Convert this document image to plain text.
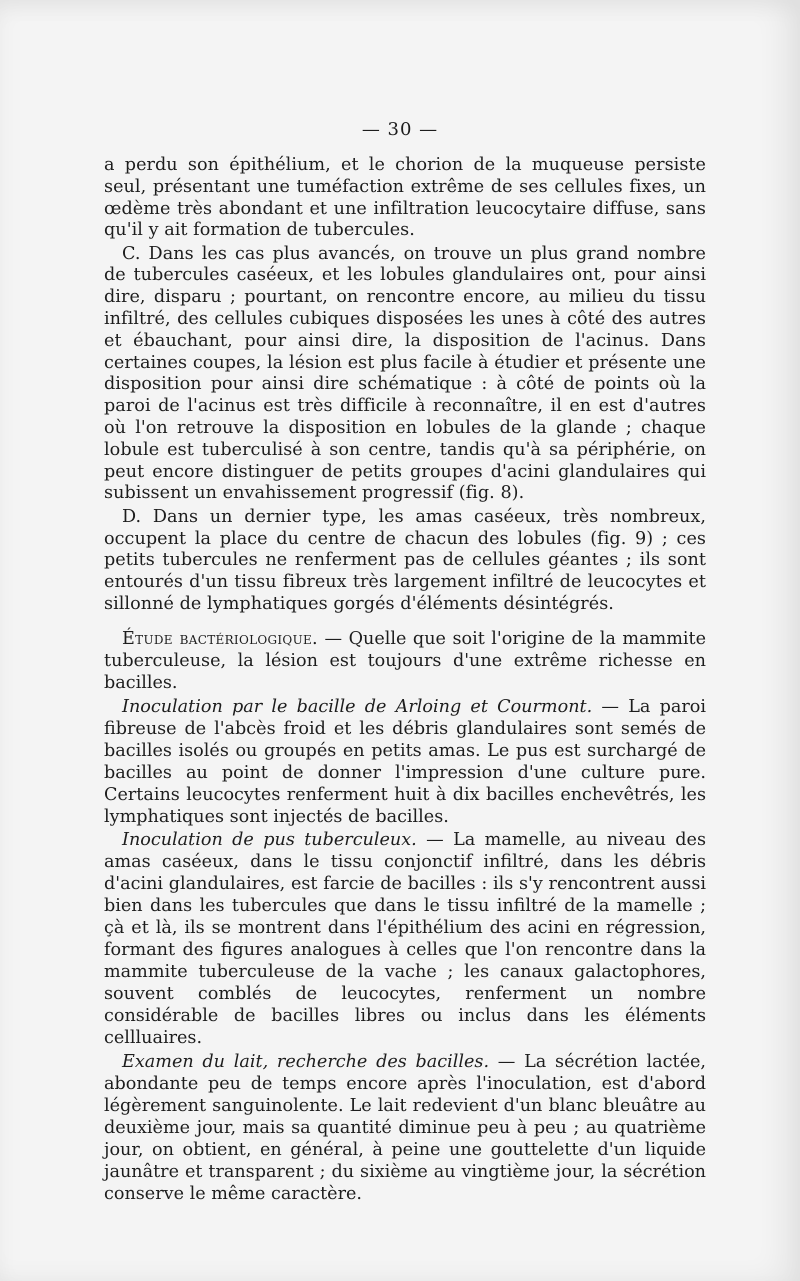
— 30 —

a perdu son épithélium, et le chorion de la muqueuse persiste seul, présentant une tuméfaction extrême de ses cellules fixes, un œdème très abondant et une infiltration leucocytaire diffuse, sans qu'il y ait formation de tubercules.

C. Dans les cas plus avancés, on trouve un plus grand nombre de tubercules caséeux, et les lobules glandulaires ont, pour ainsi dire, disparu ; pourtant, on rencontre encore, au milieu du tissu infiltré, des cellules cubiques disposées les unes à côté des autres et ébauchant, pour ainsi dire, la disposition de l'acinus. Dans certaines coupes, la lésion est plus facile à étudier et présente une disposition pour ainsi dire schématique : à côté de points où la paroi de l'acinus est très difficile à reconnaître, il en est d'autres où l'on retrouve la disposition en lobules de la glande ; chaque lobule est tuberculisé à son centre, tandis qu'à sa périphérie, on peut encore distinguer de petits groupes d'acini glandulaires qui subissent un envahissement progressif (fig. 8).

D. Dans un dernier type, les amas caséeux, très nombreux, occupent la place du centre de chacun des lobules (fig. 9) ; ces petits tubercules ne renferment pas de cellules géantes ; ils sont entourés d'un tissu fibreux très largement infiltré de leucocytes et sillonné de lymphatiques gorgés d'éléments désintégrés.

Étude bactériologique. — Quelle que soit l'origine de la mammite tuberculeuse, la lésion est toujours d'une extrême richesse en bacilles.

Inoculation par le bacille de Arloing et Courmont. — La paroi fibreuse de l'abcès froid et les débris glandulaires sont semés de bacilles isolés ou groupés en petits amas. Le pus est surchargé de bacilles au point de donner l'impression d'une culture pure. Certains leucocytes renferment huit à dix bacilles enchevêtrés, les lymphatiques sont injectés de bacilles.

Inoculation de pus tuberculeux. — La mamelle, au niveau des amas caséeux, dans le tissu conjonctif infiltré, dans les débris d'acini glandulaires, est farcie de bacilles : ils s'y rencontrent aussi bien dans les tubercules que dans le tissu infiltré de la mamelle ; çà et là, ils se montrent dans l'épithélium des acini en régression, formant des figures analogues à celles que l'on rencontre dans la mammite tuberculeuse de la vache ; les canaux galactophores, souvent comblés de leucocytes, renferment un nombre considérable de bacilles libres ou inclus dans les éléments cellluaires.

Examen du lait, recherche des bacilles. — La sécrétion lactée, abondante peu de temps encore après l'inoculation, est d'abord légèrement sanguinolente. Le lait redevient d'un blanc bleuâtre au deuxième jour, mais sa quantité diminue peu à peu ; au quatrième jour, on obtient, en général, à peine une gouttelette d'un liquide jaunâtre et transparent ; du sixième au vingtième jour, la sécrétion conserve le même caractère.
